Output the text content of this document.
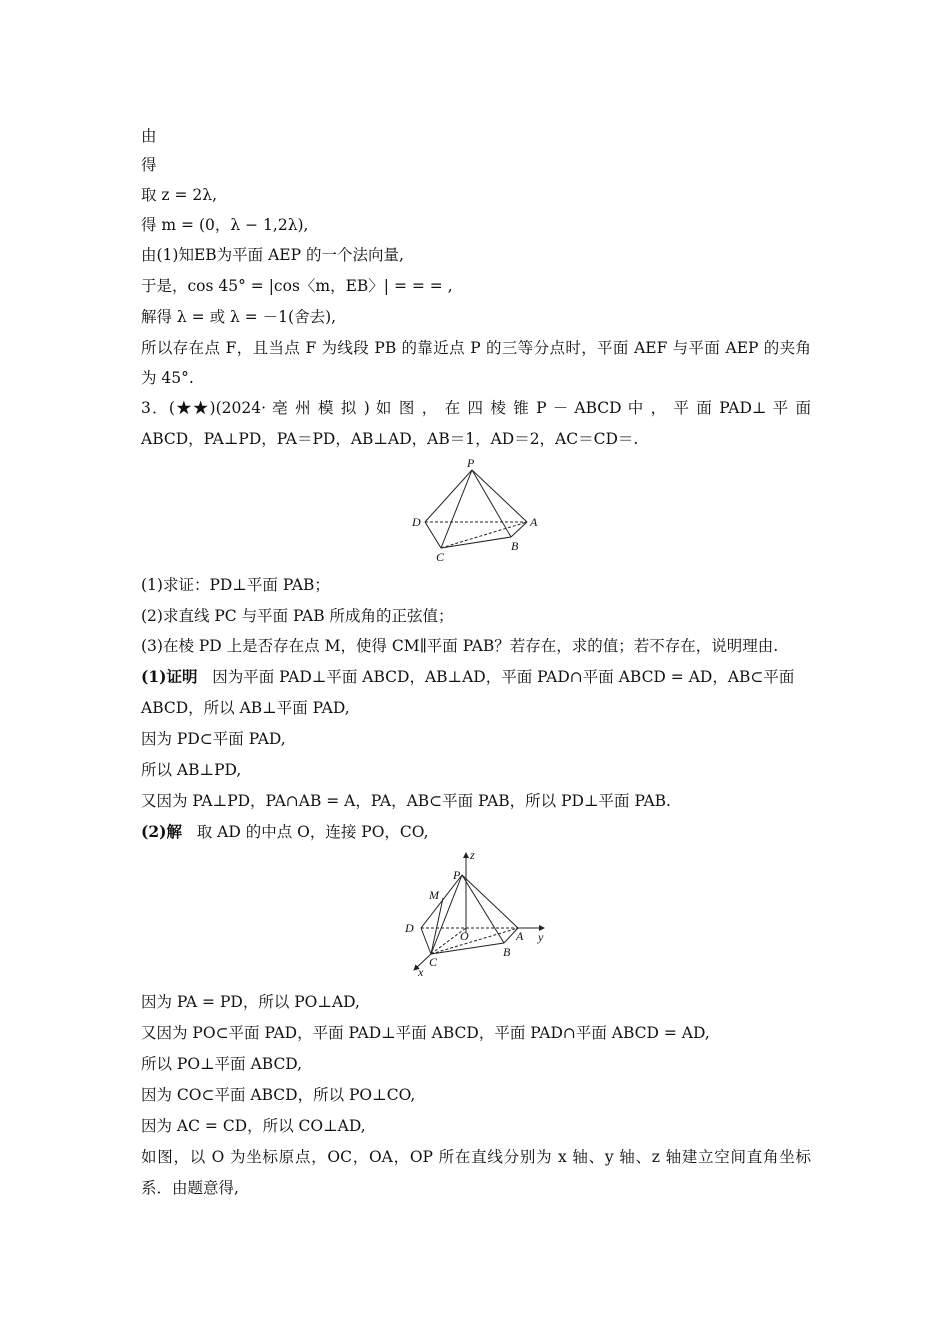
由
得
取 z = 2λ,
得 m = (0，λ − 1,2λ),
由(1)知EB为平面 AEP 的一个法向量,
于是，cos 45° = |cos〈m，EB〉| = = = ,
解得 λ = 或 λ = －1(舍去),
所以存在点 F，且当点 F 为线段 PB 的靠近点 P 的三等分点时，平面 AEF 与平面 AEP 的夹角
为 45°.
3．(★★)(2024· 亳 州 模 拟 ) 如 图 ， 在 四 棱 锥 P － ABCD 中 ， 平 面 PAD⊥ 平 面
ABCD，PA⊥PD，PA＝PD，AB⊥AD，AB＝1，AD＝2，AC＝CD＝.
P
D	A
B
C
(1)求证：PD⊥平面 PAB；
(2)求直线 PC 与平面 PAB 所成角的正弦值；
(3)在棱 PD 上是否存在点 M，使得 CM∥平面 PAB？若存在，求的值；若不存在，说明理由.
(1)证明 因为平面 PAD⊥平面 ABCD，AB⊥AD，平面 PAD∩平面 ABCD = AD，AB⊂平面
ABCD，所以 AB⊥平面 PAD,
因为 PD⊂平面 PAD,
所以 AB⊥PD,
又因为 PA⊥PD，PA∩AB = A，PA，AB⊂平面 PAB，所以 PD⊥平面 PAB.
(2)解 取 AD 的中点 O，连接 PO，CO,
z
P
M
D
O	A y
B
C
x
因为 PA = PD，所以 PO⊥AD,
又因为 PO⊂平面 PAD，平面 PAD⊥平面 ABCD，平面 PAD∩平面 ABCD = AD,
所以 PO⊥平面 ABCD,
因为 CO⊂平面 ABCD，所以 PO⊥CO,
因为 AC = CD，所以 CO⊥AD,
如图，以 O 为坐标原点，OC，OA，OP 所在直线分别为 x 轴、y 轴、z 轴建立空间直角坐标
系．由题意得,
